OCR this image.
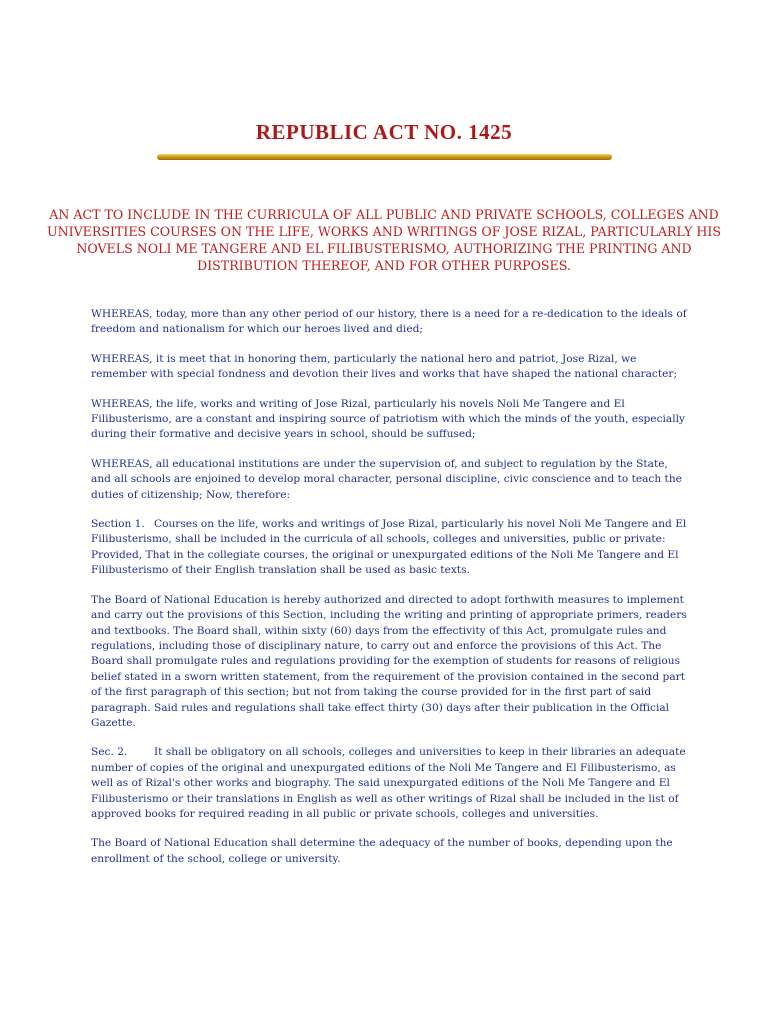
REPUBLIC ACT NO. 1425

AN ACT TO INCLUDE IN THE CURRICULA OF ALL PUBLIC AND PRIVATE SCHOOLS, COLLEGES AND UNIVERSITIES COURSES ON THE LIFE, WORKS AND WRITINGS OF JOSE RIZAL, PARTICULARLY HIS NOVELS NOLI ME TANGERE AND EL FILIBUSTERISMO, AUTHORIZING THE PRINTING AND DISTRIBUTION THEREOF, AND FOR OTHER PURPOSES.

WHEREAS, today, more than any other period of our history, there is a need for a re-dedication to the ideals of freedom and nationalism for which our heroes lived and died;

WHEREAS, it is meet that in honoring them, particularly the national hero and patriot, Jose Rizal, we remember with special fondness and devotion their lives and works that have shaped the national character;

WHEREAS, the life, works and writing of Jose Rizal, particularly his novels Noli Me Tangere and El Filibusterismo, are a constant and inspiring source of patriotism with which the minds of the youth, especially during their formative and decisive years in school, should be suffused;

WHEREAS, all educational institutions are under the supervision of, and subject to regulation by the State, and all schools are enjoined to develop moral character, personal discipline, civic conscience and to teach the duties of citizenship; Now, therefore:

Section 1. Courses on the life, works and writings of Jose Rizal, particularly his novel Noli Me Tangere and El Filibusterismo, shall be included in the curricula of all schools, colleges and universities, public or private: Provided, That in the collegiate courses, the original or unexpurgated editions of the Noli Me Tangere and El Filibusterismo of their English translation shall be used as basic texts.

The Board of National Education is hereby authorized and directed to adopt forthwith measures to implement and carry out the provisions of this Section, including the writing and printing of appropriate primers, readers and textbooks. The Board shall, within sixty (60) days from the effectivity of this Act, promulgate rules and regulations, including those of disciplinary nature, to carry out and enforce the provisions of this Act. The Board shall promulgate rules and regulations providing for the exemption of students for reasons of religious belief stated in a sworn written statement, from the requirement of the provision contained in the second part of the first paragraph of this section; but not from taking the course provided for in the first part of said paragraph. Said rules and regulations shall take effect thirty (30) days after their publication in the Official Gazette.

Sec. 2.	It shall be obligatory on all schools, colleges and universities to keep in their libraries an adequate number of copies of the original and unexpurgated editions of the Noli Me Tangere and El Filibusterismo, as well as of Rizal's other works and biography. The said unexpurgated editions of the Noli Me Tangere and El Filibusterismo or their translations in English as well as other writings of Rizal shall be included in the list of approved books for required reading in all public or private schools, colleges and universities.

The Board of National Education shall determine the adequacy of the number of books, depending upon the enrollment of the school, college or university.
